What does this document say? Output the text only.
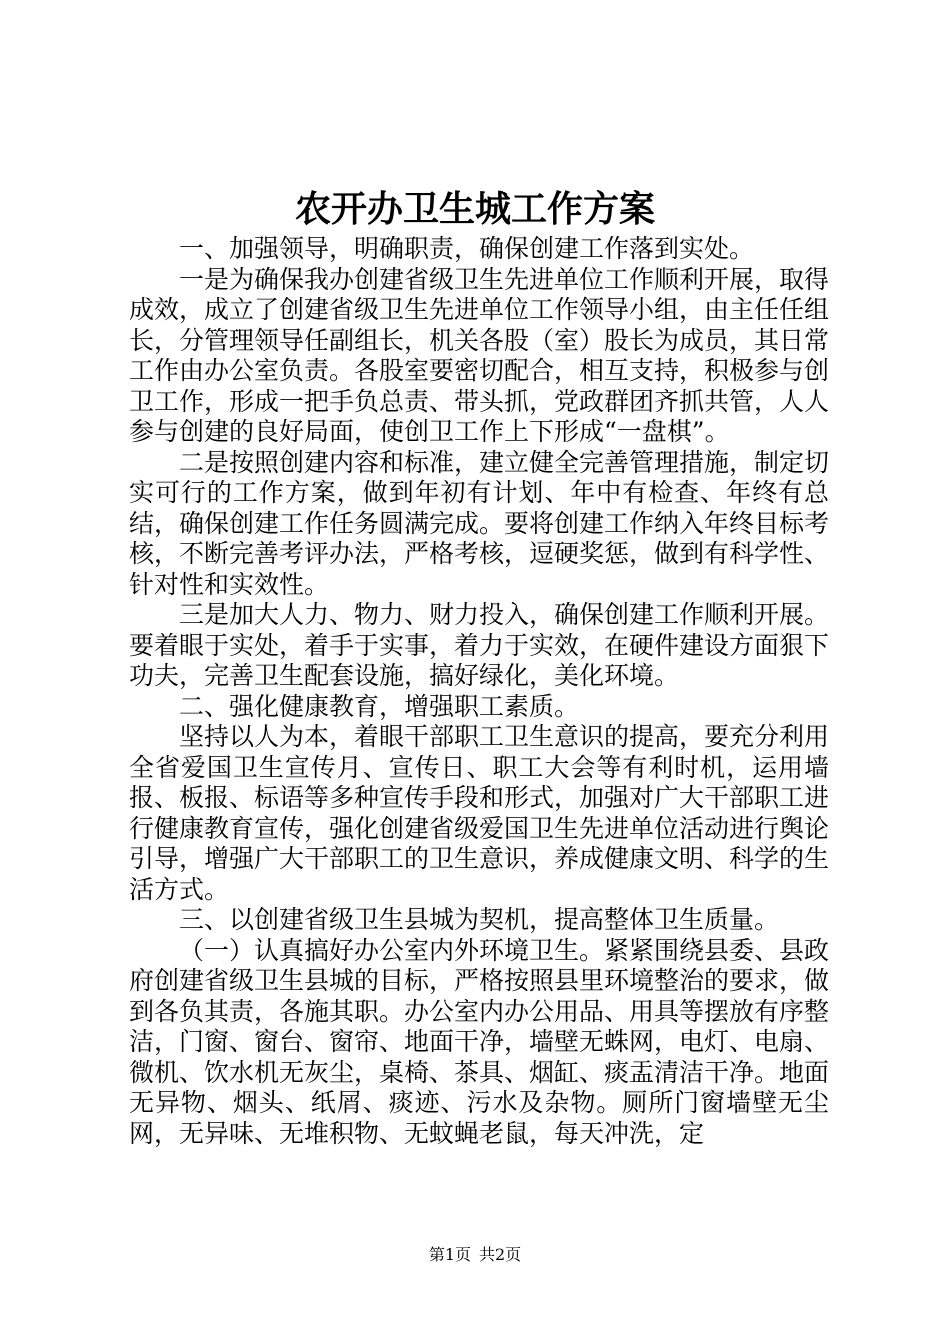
农开办卫生城工作方案

一、加强领导，明确职责，确保创建工作落到实处。

一是为确保我办创建省级卫生先进单位工作顺利开展，取得成效，成立了创建省级卫生先进单位工作领导小组，由主任任组长，分管理领导任副组长，机关各股（室）股长为成员，其日常工作由办公室负责。各股室要密切配合，相互支持，积极参与创卫工作，形成一把手负总责、带头抓，党政群团齐抓共管，人人参与创建的良好局面，使创卫工作上下形成“一盘棋”。

二是按照创建内容和标准，建立健全完善管理措施，制定切实可行的工作方案，做到年初有计划、年中有检查、年终有总结，确保创建工作任务圆满完成。要将创建工作纳入年终目标考核，不断完善考评办法，严格考核，逗硬奖惩，做到有科学性、针对性和实效性。

三是加大人力、物力、财力投入，确保创建工作顺利开展。要着眼于实处，着手于实事，着力于实效，在硬件建设方面狠下功夫，完善卫生配套设施，搞好绿化，美化环境。

二、强化健康教育，增强职工素质。

坚持以人为本，着眼干部职工卫生意识的提高，要充分利用全省爱国卫生宣传月、宣传日、职工大会等有利时机，运用墙报、板报、标语等多种宣传手段和形式，加强对广大干部职工进行健康教育宣传，强化创建省级爱国卫生先进单位活动进行舆论引导，增强广大干部职工的卫生意识，养成健康文明、科学的生活方式。

三、以创建省级卫生县城为契机，提高整体卫生质量。

（一）认真搞好办公室内外环境卫生。紧紧围绕县委、县政府创建省级卫生县城的目标，严格按照县里环境整治的要求，做到各负其责，各施其职。办公室内办公用品、用具等摆放有序整洁，门窗、窗台、窗帘、地面干净，墙壁无蛛网，电灯、电扇、微机、饮水机无灰尘，桌椅、茶具、烟缸、痰盂清洁干净。地面无异物、烟头、纸屑、痰迹、污水及杂物。厕所门窗墙壁无尘网，无异味、无堆积物、无蚊蝇老鼠，每天冲洗，定

第1页 共2页
